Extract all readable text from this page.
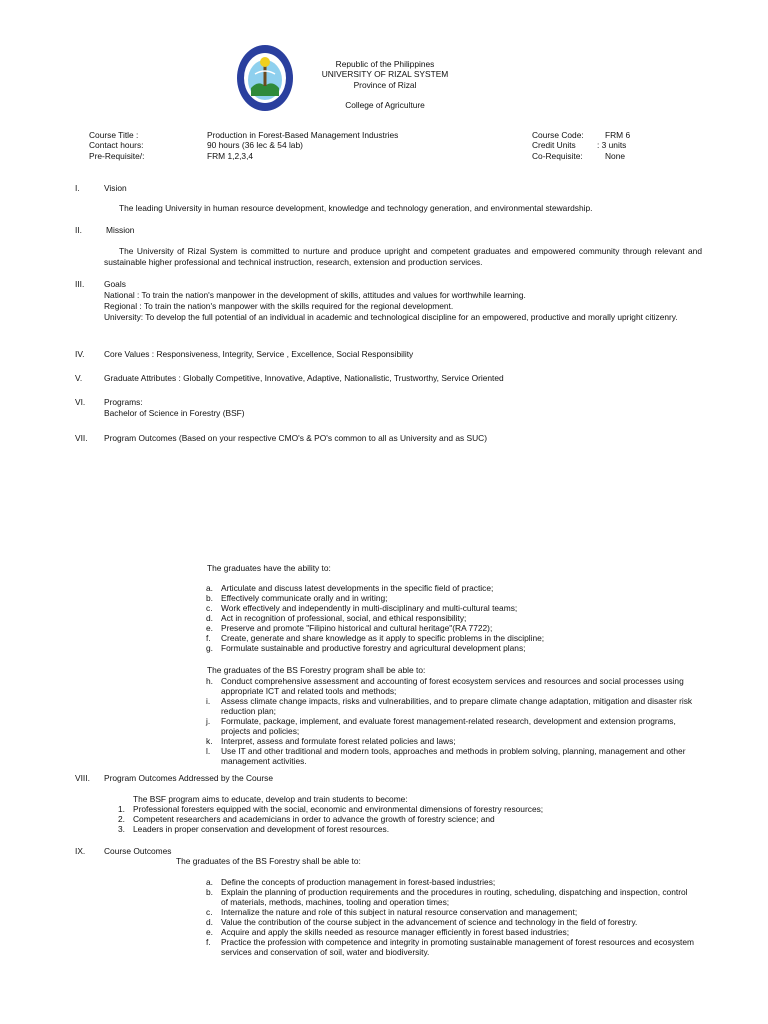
Republic of the Philippines
UNIVERSITY OF RIZAL SYSTEM
Province of Rizal
College of Agriculture
Course Title :	Production in Forest-Based Management Industries
Contact hours:	90 hours (36 lec & 54 lab)
Pre-Requisite/:	FRM 1,2,3,4
Course Code:	FRM 6
Credit Units	: 3 units
Co-Requisite:	None
I.	Vision
The leading University in human resource development, knowledge and technology generation, and environmental stewardship.
II.	Mission
The University of Rizal System is committed to nurture and produce upright and competent graduates and empowered community through relevant and sustainable higher professional and technical instruction, research, extension and production services.
III. Goals
National : To train the nation's manpower in the development of skills, attitudes and values for worthwhile learning.
Regional : To train the nation's manpower with the skills required for the regional development.
University: To develop the full potential of an individual in academic and technological discipline for an empowered, productive and morally upright citizenry.
IV. Core Values : Responsiveness, Integrity, Service , Excellence, Social Responsibility
V.	Graduate Attributes : Globally Competitive, Innovative, Adaptive, Nationalistic, Trustworthy, Service Oriented
VI. Programs:
Bachelor of Science in Forestry (BSF)
VII. Program Outcomes (Based on your respective CMO's & PO's common to all as University and as SUC)
The graduates have the ability to:
a. Articulate and discuss latest developments in the specific field of practice;
b. Effectively communicate orally and in writing;
c. Work effectively and independently in multi-disciplinary and multi-cultural teams;
d. Act in recognition of professional, social, and ethical responsibility;
e. Preserve and promote "Filipino historical and cultural heritage"(RA 7722);
f. Create, generate and share knowledge as it apply to specific problems in the discipline;
g. Formulate sustainable and productive forestry and agricultural development plans;
The graduates of the BS Forestry program shall be able to:
h. Conduct comprehensive assessment and accounting of forest ecosystem services and resources and social processes using appropriate ICT and related tools and methods;
i. Assess climate change impacts, risks and vulnerabilities, and to prepare climate change adaptation, mitigation and disaster risk reduction plan;
j. Formulate, package, implement, and evaluate forest management-related research, development and extension programs, projects and policies;
k. Interpret, assess and formulate forest related policies and laws;
l. Use IT and other traditional and modern tools, approaches and methods in problem solving, planning, management and other management activities.
VIII. Program Outcomes Addressed by the Course
The BSF program aims to educate, develop and train students to become:
1. Professional foresters equipped with the social, economic and environmental dimensions of forestry resources;
2. Competent researchers and academicians in order to advance the growth of forestry science; and
3. Leaders in proper conservation and development of forest resources.
IX. Course Outcomes
The graduates of the BS Forestry shall be able to:
a. Define the concepts of production management in forest-based industries;
b. Explain the planning of production requirements and the procedures in routing, scheduling, dispatching and inspection, control of materials, methods, machines, tooling and operation times;
c. Internalize the nature and role of this subject in natural resource conservation and management;
d. Value the contribution of the course subject in the advancement of science and technology in the field of forestry.
e. Acquire and apply the skills needed as resource manager efficiently in forest based industries;
f. Practice the profession with competence and integrity in promoting sustainable management of forest resources and ecosystem services and conservation of soil, water and biodiversity.
